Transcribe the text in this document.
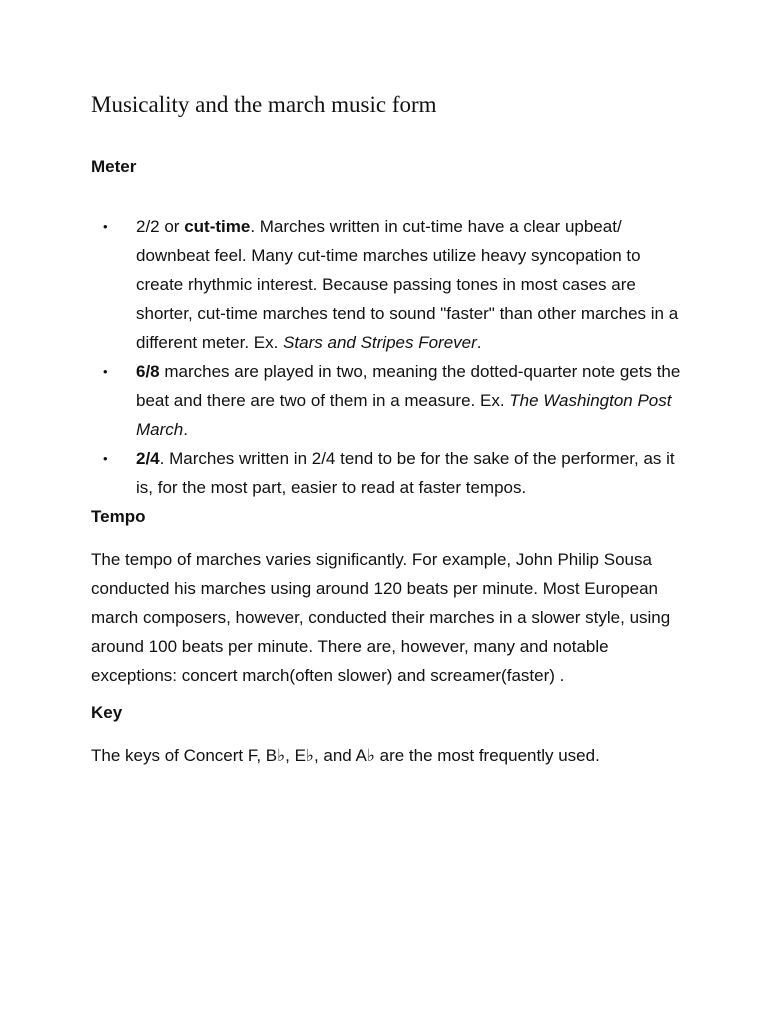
Musicality and the march music form
Meter
• 2/2 or cut-time. Marches written in cut-time have a clear upbeat/ downbeat feel. Many cut-time marches utilize heavy syncopation to create rhythmic interest. Because passing tones in most cases are shorter, cut-time marches tend to sound "faster" than other marches in a different meter. Ex. Stars and Stripes Forever.
• 6/8 marches are played in two, meaning the dotted-quarter note gets the beat and there are two of them in a measure. Ex. The Washington Post March.
• 2/4. Marches written in 2/4 tend to be for the sake of the performer, as it is, for the most part, easier to read at faster tempos.
Tempo

The tempo of marches varies significantly. For example, John Philip Sousa conducted his marches using around 120 beats per minute. Most European march composers, however, conducted their marches in a slower style, using around 100 beats per minute. There are, however, many and notable exceptions: concert march(often slower) and screamer(faster) .

Key

The keys of Concert F, B♭, E♭, and A♭ are the most frequently used.
